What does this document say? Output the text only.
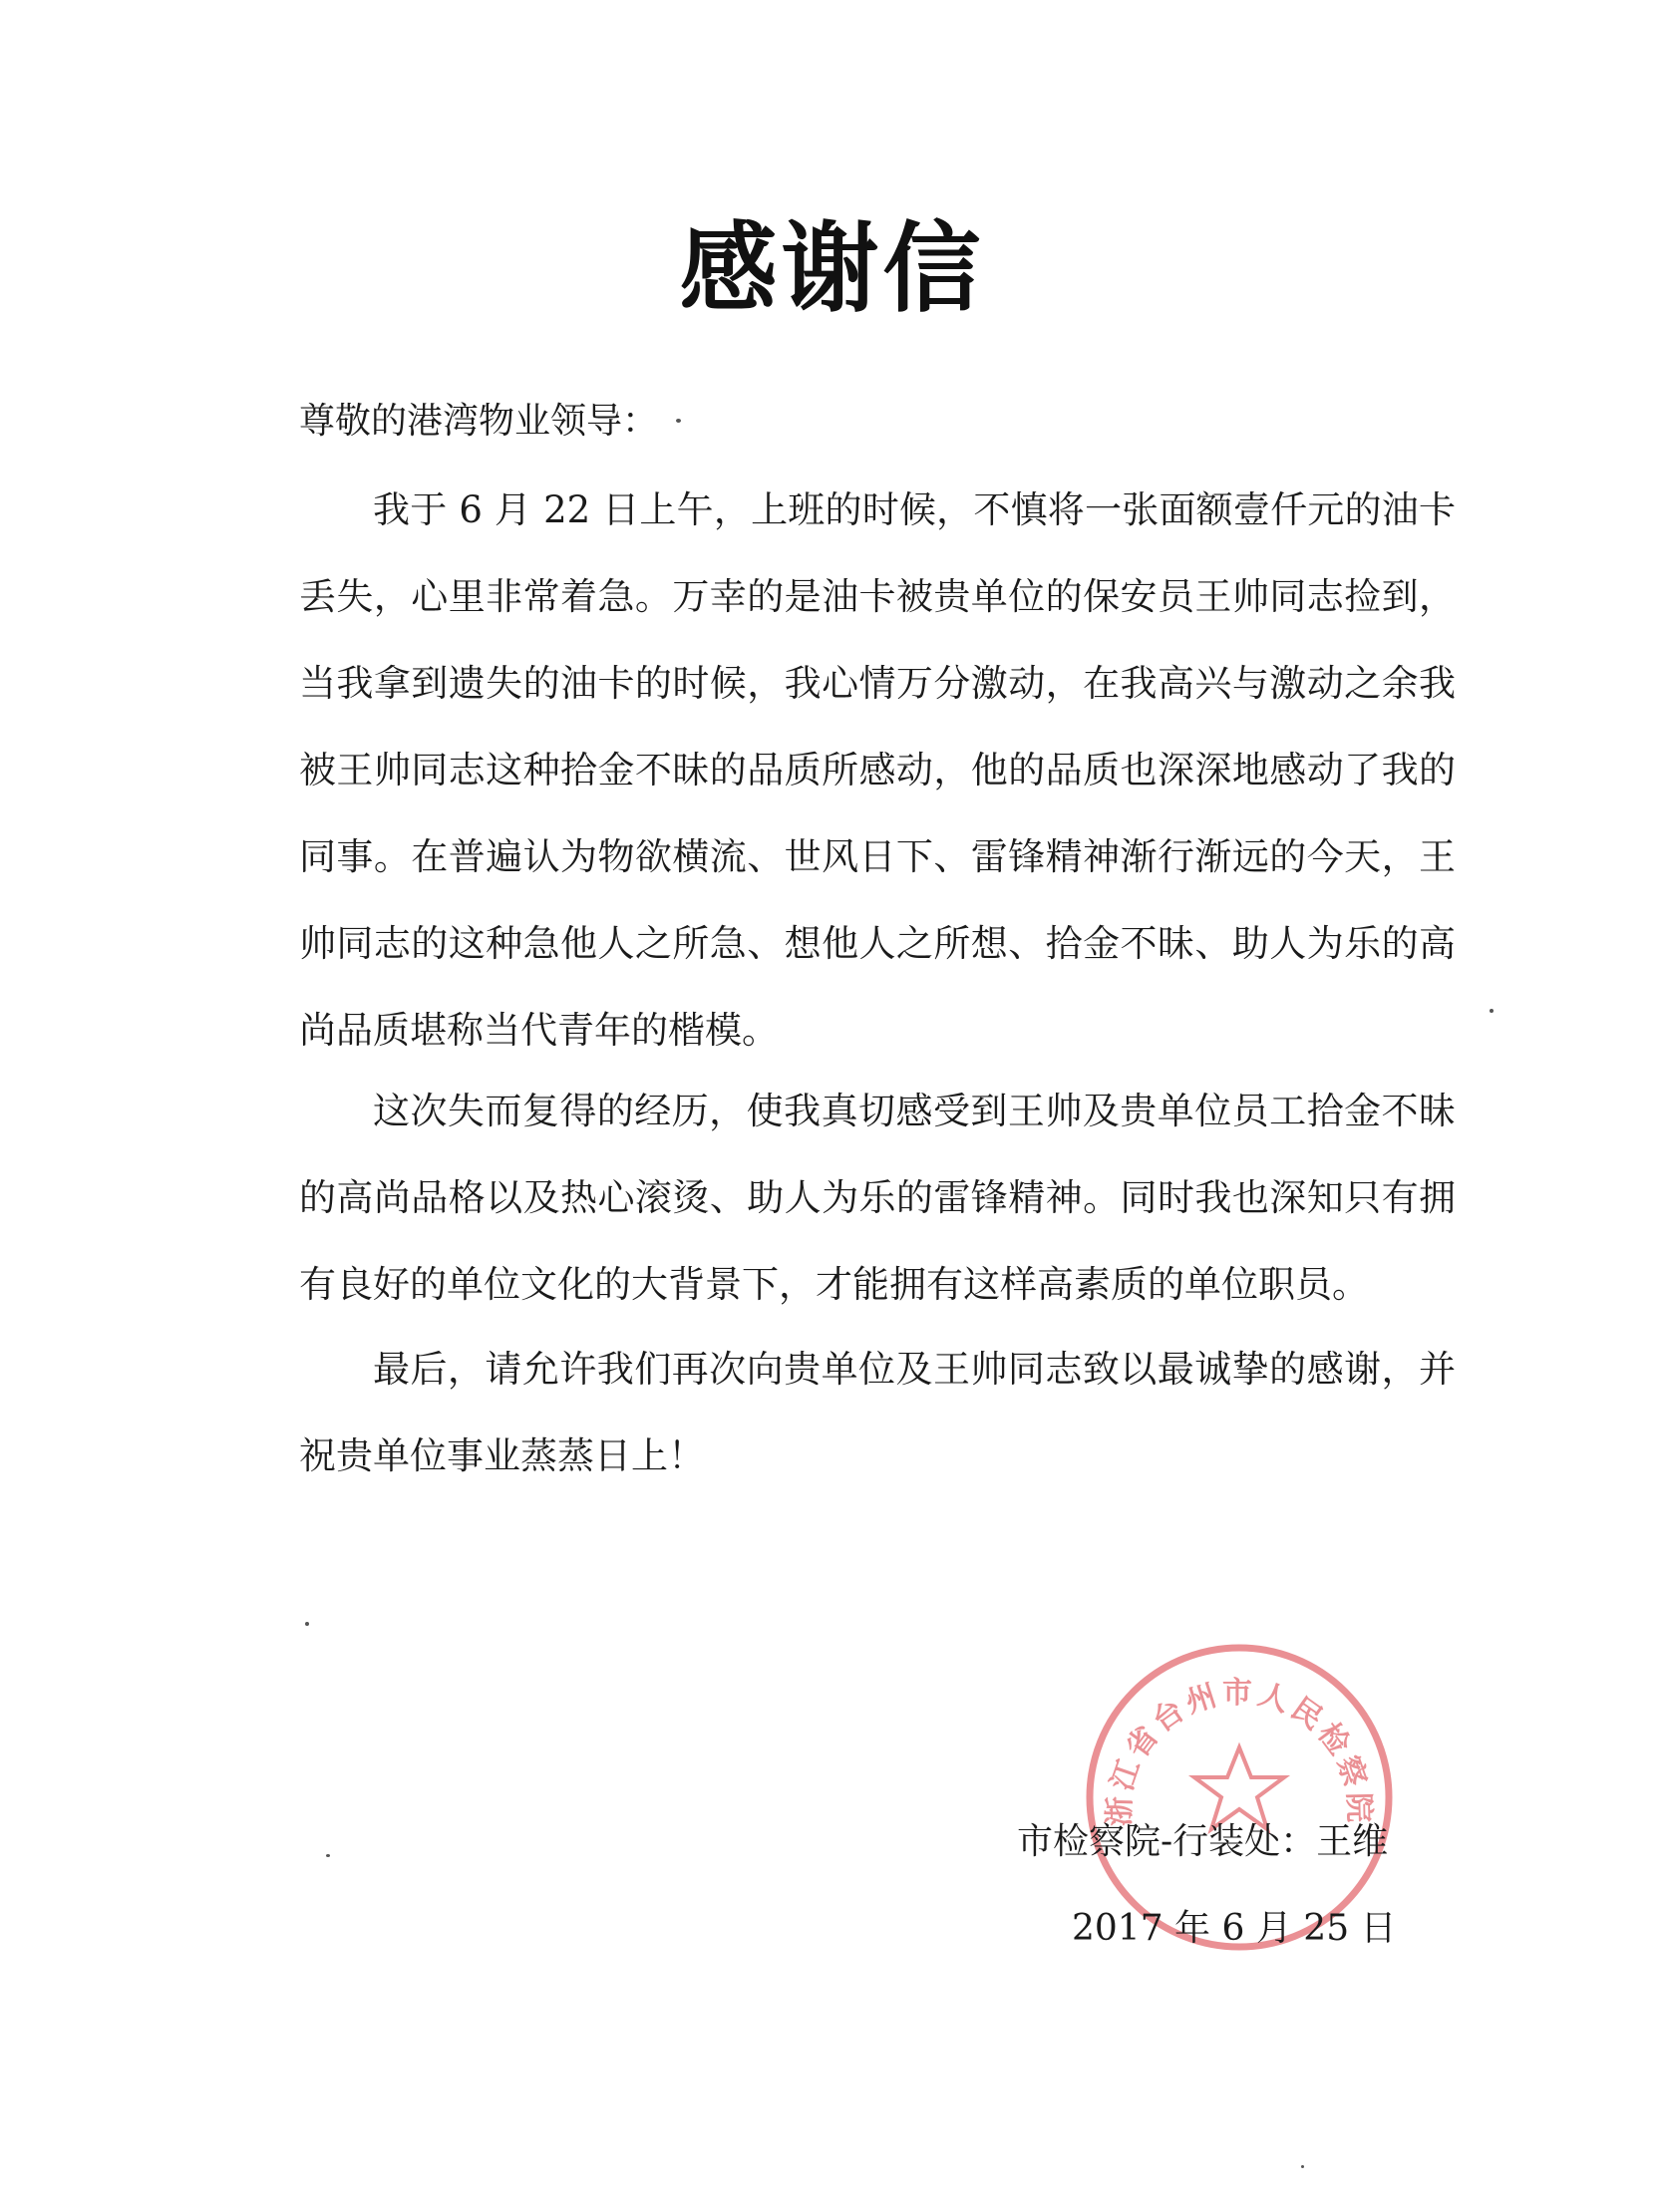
感谢信
尊敬的港湾物业领导：

我于 6 月 22 日上午，上班的时候，不慎将一张面额壹仟元的油卡丢失，心里非常着急。万幸的是油卡被贵单位的保安员王帅同志捡到，当我拿到遗失的油卡的时候，我心情万分激动，在我高兴与激动之余我被王帅同志这种拾金不昧的品质所感动，他的品质也深深地感动了我的同事。在普遍认为物欲横流、世风日下、雷锋精神渐行渐远的今天，王帅同志的这种急他人之所急、想他人之所想、拾金不昧、助人为乐的高尚品质堪称当代青年的楷模。

这次失而复得的经历，使我真切感受到王帅及贵单位员工拾金不昧的高尚品格以及热心滚烫、助人为乐的雷锋精神。同时我也深知只有拥有良好的单位文化的大背景下，才能拥有这样高素质的单位职员。

最后，请允许我们再次向贵单位及王帅同志致以最诚挚的感谢，并祝贵单位事业蒸蒸日上！

浙江省台州市人民检察院
市检察院-行装处：王维
2017 年 6 月 25 日
